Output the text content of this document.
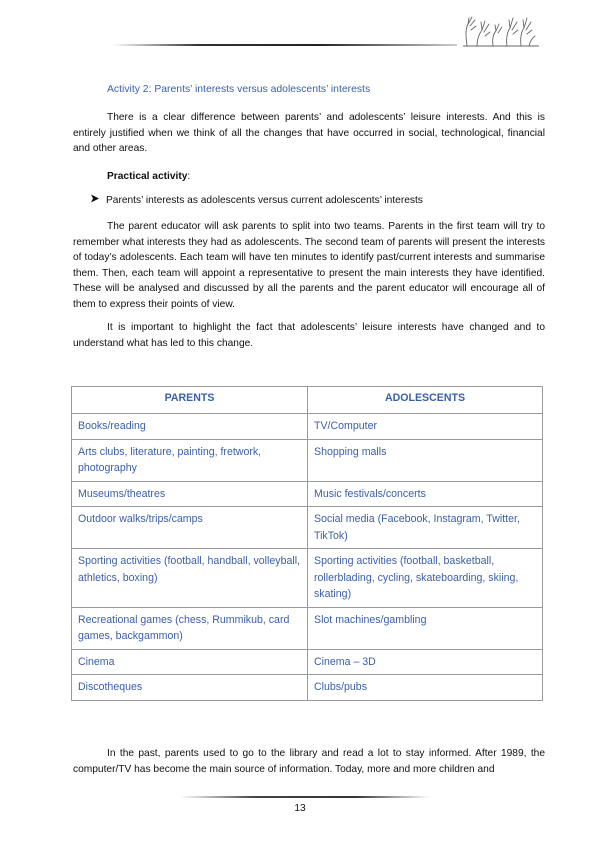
Activity 2: Parents’ interests versus adolescents’ interests

There is a clear difference between parents’ and adolescents’ leisure interests. And this is entirely justified when we think of all the changes that have occurred in social, technological, financial and other areas.

Practical activity:
Parents’ interests as adolescents versus current adolescents’ interests

The parent educator will ask parents to split into two teams. Parents in the first team will try to remember what interests they had as adolescents. The second team of parents will present the interests of today’s adolescents. Each team will have ten minutes to identify past/current interests and summarise them. Then, each team will appoint a representative to present the main interests they have identified. These will be analysed and discussed by all the parents and the parent educator will encourage all of them to express their points of view.

It is important to highlight the fact that adolescents’ leisure interests have changed and to understand what has led to this change.

PARENTS	ADOLESCENTS
Books/reading	TV/Computer
Arts clubs, literature, painting, fretwork, photography	Shopping malls
Museums/theatres	Music festivals/concerts
Outdoor walks/trips/camps	Social media (Facebook, Instagram, Twitter, TikTok)
Sporting activities (football, handball, volleyball, athletics, boxing)	Sporting activities (football, basketball, rollerblading, cycling, skateboarding, skiing, skating)
Recreational games (chess, Rummikub, card games, backgammon)	Slot machines/gambling
Cinema	Cinema – 3D
Discotheques	Clubs/pubs

In the past, parents used to go to the library and read a lot to stay informed. After 1989, the computer/TV has become the main source of information. Today, more and more children and

13
